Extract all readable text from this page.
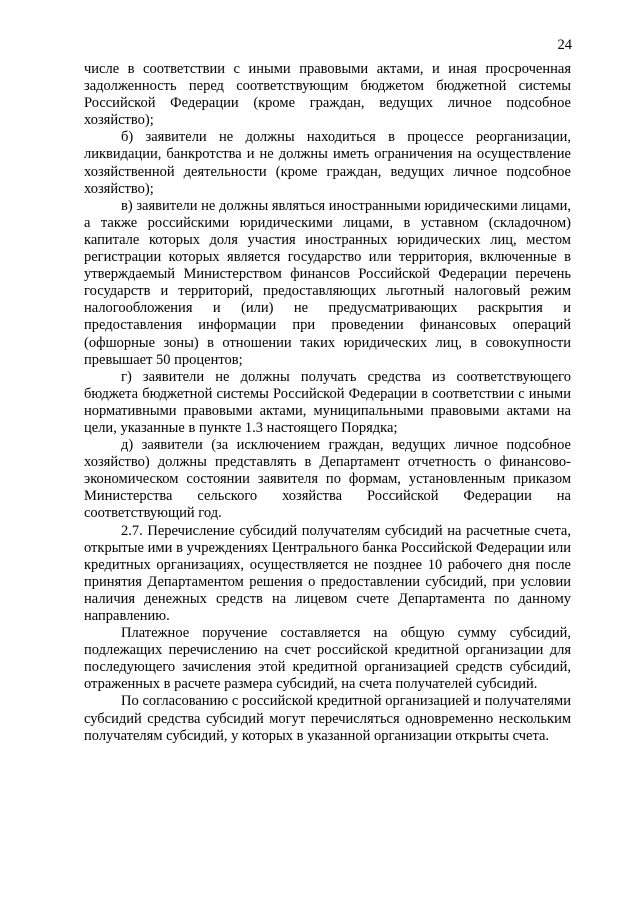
24

числе в соответствии с иными правовыми актами, и иная просроченная задолженность перед соответствующим бюджетом бюджетной системы Российской Федерации (кроме граждан, ведущих личное подсобное хозяйство);

б) заявители не должны находиться в процессе реорганизации, ликвидации, банкротства и не должны иметь ограничения на осуществление хозяйственной деятельности (кроме граждан, ведущих личное подсобное хозяйство);

в) заявители не должны являться иностранными юридическими лицами, а также российскими юридическими лицами, в уставном (складочном) капитале которых доля участия иностранных юридических лиц, местом регистрации которых является государство или территория, включенные в утверждаемый Министерством финансов Российской Федерации перечень государств и территорий, предоставляющих льготный налоговый режим налогообложения и (или) не предусматривающих раскрытия и предоставления информации при проведении финансовых операций (офшорные зоны) в отношении таких юридических лиц, в совокупности превышает 50 процентов;

г) заявители не должны получать средства из соответствующего бюджета бюджетной системы Российской Федерации в соответствии с иными нормативными правовыми актами, муниципальными правовыми актами на цели, указанные в пункте 1.3 настоящего Порядка;

д) заявители (за исключением граждан, ведущих личное подсобное хозяйство) должны представлять в Департамент отчетность о финансово-экономическом состоянии заявителя по формам, установленным приказом Министерства сельского хозяйства Российской Федерации на соответствующий год.

2.7. Перечисление субсидий получателям субсидий на расчетные счета, открытые ими в учреждениях Центрального банка Российской Федерации или кредитных организациях, осуществляется не позднее 10 рабочего дня после принятия Департаментом решения о предоставлении субсидий, при условии наличия денежных средств на лицевом счете Департамента по данному направлению.

Платежное поручение составляется на общую сумму субсидий, подлежащих перечислению на счет российской кредитной организации для последующего зачисления этой кредитной организацией средств субсидий, отраженных в расчете размера субсидий, на счета получателей субсидий.

По согласованию с российской кредитной организацией и получателями субсидий средства субсидий могут перечисляться одновременно нескольким получателям субсидий, у которых в указанной организации открыты счета.
